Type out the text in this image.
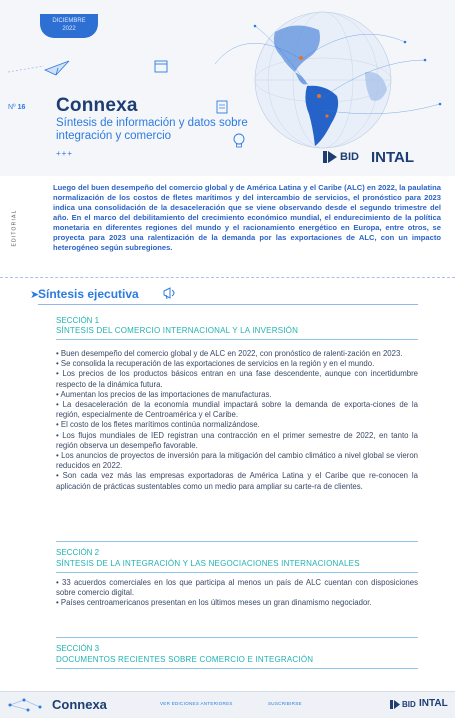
DICIEMBRE
2022
Nº 16 Connexa
Síntesis de información y datos sobre integración y comercio
+++	BID INTAL
EDITORIAL
Luego del buen desempeño del comercio global y de América Latina y el Caribe (ALC) en 2022, la paulatina normalización de los costos de fletes marítimos y del intercambio de servicios, el pronóstico para 2023 indica una consolidación de la desaceleración que se viene observando desde el segundo trimestre del año. En el marco del debilitamiento del crecimiento económico mundial, el endurecimiento de la política monetaria en diferentes regiones del mundo y el racionamiento energético en Europa, entre otros, se proyecta para 2023 una ralentización de la demanda por las exportaciones de ALC, con un impacto heterogéneo según subregiones.
➤
Síntesis ejecutiva
SECCIÓN 1
SÍNTESIS DEL COMERCIO INTERNACIONAL Y LA INVERSIÓN

• Buen desempeño del comercio global y de ALC en 2022, con pronóstico de ralenti-zación en 2023.

• Se consolida la recuperación de las exportaciones de servicios en la región y en el mundo.

• Los precios de los productos básicos entran en una fase descendente, aunque con incertidumbre respecto de la dinámica futura.

• Aumentan los precios de las importaciones de manufacturas.

• La desaceleración de la economía mundial impactará sobre la demanda de exporta-ciones de la región, especialmente de Centroamérica y el Caribe.

• El costo de los fletes marítimos continúa normalizándose.

• Los flujos mundiales de IED registran una contracción en el primer semestre de 2022, en tanto la región observa un desempeño favorable.

• Los anuncios de proyectos de inversión para la mitigación del cambio climático a nivel global se vieron reducidos en 2022.

• Son cada vez más las empresas exportadoras de América Latina y el Caribe que re-conocen la aplicación de prácticas sustentables como un medio para ampliar su carte-ra de clientes.

SECCIÓN 2
SÍNTESIS DE LA INTEGRACIÓN Y LAS NEGOCIACIONES INTERNACIONALES

• 33 acuerdos comerciales en los que participa al menos un país de ALC cuentan con disposiciones sobre comercio digital.

• Países centroamericanos presentan en los últimos meses un gran dinamismo negociador.

SECCIÓN 3
DOCUMENTOS RECIENTES SOBRE COMERCIO E INTEGRACIÓN
Connexa	VER EDICIONES ANTERIORES	SUSCRIBIRSE	BID INTAL
